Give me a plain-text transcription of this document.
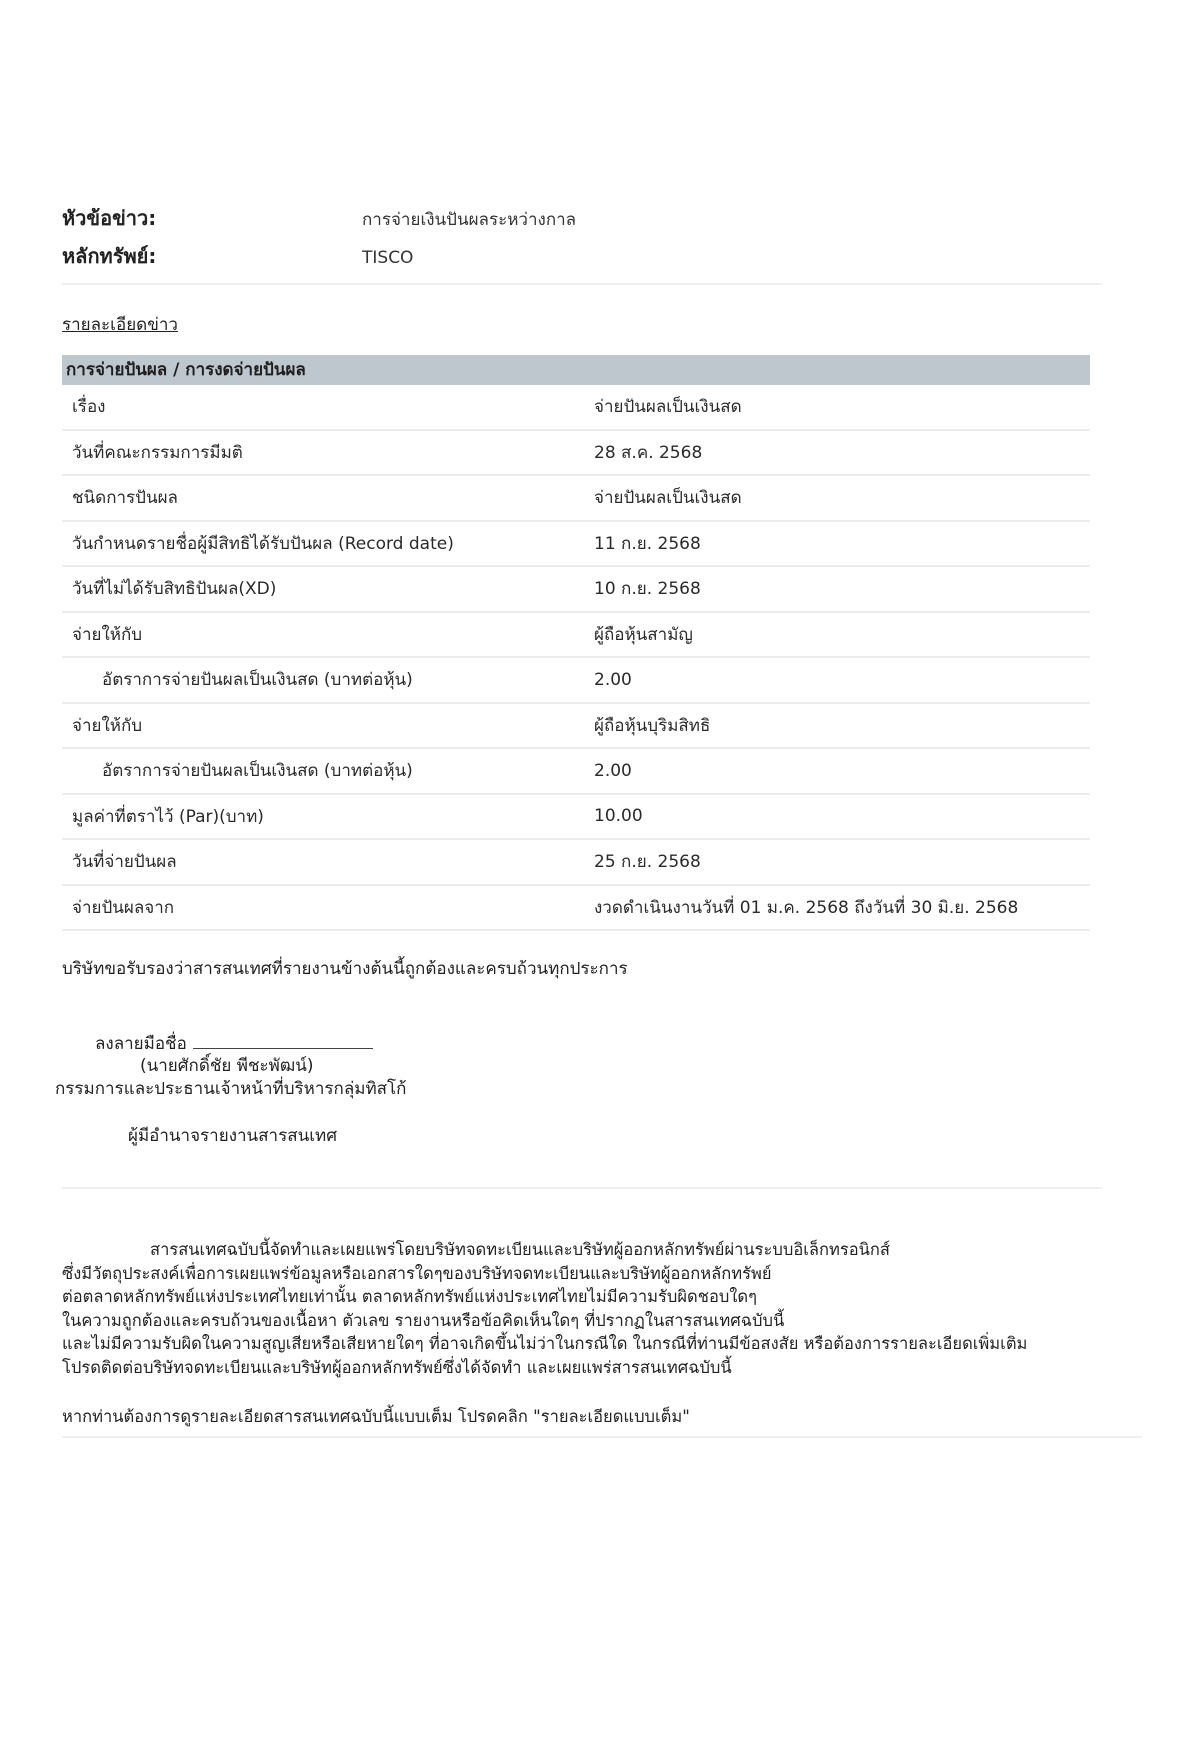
หัวข้อข่าว:	การจ่ายเงินปันผลระหว่างกาล
หลักทรัพย์:	TISCO
รายละเอียดข่าว
การจ่ายปันผล / การงดจ่ายปันผล
เรื่อง	จ่ายปันผลเป็นเงินสด
วันที่คณะกรรมการมีมติ	28 ส.ค. 2568
ชนิดการปันผล	จ่ายปันผลเป็นเงินสด
วันกำหนดรายชื่อผู้มีสิทธิได้รับปันผล (Record date)	11 ก.ย. 2568
วันที่ไม่ได้รับสิทธิปันผล(XD)	10 ก.ย. 2568
จ่ายให้กับ	ผู้ถือหุ้นสามัญ
อัตราการจ่ายปันผลเป็นเงินสด (บาทต่อหุ้น)	2.00
จ่ายให้กับ	ผู้ถือหุ้นบุริมสิทธิ
อัตราการจ่ายปันผลเป็นเงินสด (บาทต่อหุ้น)	2.00
มูลค่าที่ตราไว้ (Par)(บาท)	10.00
วันที่จ่ายปันผล	25 ก.ย. 2568
จ่ายปันผลจาก	งวดดำเนินงานวันที่ 01 ม.ค. 2568 ถึงวันที่ 30 มิ.ย. 2568
บริษัทขอรับรองว่าสารสนเทศที่รายงานข้างต้นนี้ถูกต้องและครบถ้วนทุกประการ
ลงลายมือชื่อ
(นายศักดิ์ชัย พีชะพัฒน์)
กรรมการและประธานเจ้าหน้าที่บริหารกลุ่มทิสโก้
ผู้มีอำนาจรายงานสารสนเทศ
สารสนเทศฉบับนี้จัดทำและเผยแพร่โดยบริษัทจดทะเบียนและบริษัทผู้ออกหลักทรัพย์ผ่านระบบอิเล็กทรอนิกส์
ซึ่งมีวัตถุประสงค์เพื่อการเผยแพร่ข้อมูลหรือเอกสารใดๆของบริษัทจดทะเบียนและบริษัทผู้ออกหลักทรัพย์
ต่อตลาดหลักทรัพย์แห่งประเทศไทยเท่านั้น ตลาดหลักทรัพย์แห่งประเทศไทยไม่มีความรับผิดชอบใดๆ
ในความถูกต้องและครบถ้วนของเนื้อหา ตัวเลข รายงานหรือข้อคิดเห็นใดๆ ที่ปรากฏในสารสนเทศฉบับนี้
และไม่มีความรับผิดในความสูญเสียหรือเสียหายใดๆ ที่อาจเกิดขึ้นไม่ว่าในกรณีใด ในกรณีที่ท่านมีข้อสงสัย หรือต้องการรายละเอียดเพิ่มเติม
โปรดติดต่อบริษัทจดทะเบียนและบริษัทผู้ออกหลักทรัพย์ซึ่งได้จัดทำ และเผยแพร่สารสนเทศฉบับนี้
หากท่านต้องการดูรายละเอียดสารสนเทศฉบับนี้แบบเต็ม โปรดคลิก "รายละเอียดแบบเต็ม"
